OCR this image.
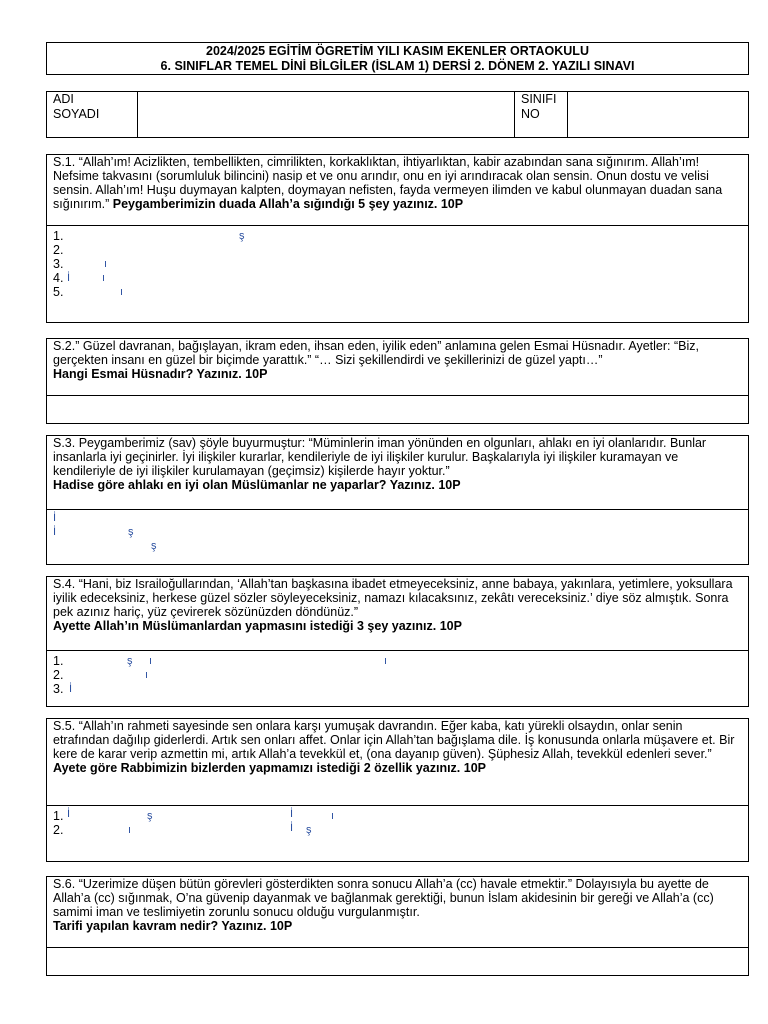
2024/2025 EGİTİM ÖGRETİM YILI KASIM EKENLER ORTAOKULU
6. SINIFLAR TEMEL DİNİ BİLGİLER (İSLAM 1) DERSİ 2. DÖNEM 2. YAZILI SINAVI
ADI
SOYADI
SINIFI
NO
S.1. “Allah’ım! Acizlikten, tembellikten, cimrilikten, korkaklıktan, ihtiyarlıktan, kabir azabından sana sığınırım. Allah’ım! Nefsime takvasını (sorumluluk bilincini) nasip et ve onu arındır, onu en iyi arındıracak olan sensin. Onun dostu ve velisi sensin. Allah’ım! Huşu duymayan kalpten, doymayan nefisten, fayda vermeyen ilimden ve kabul olunmayan duadan sana sığınırım.” Peygamberimizin duada Allah’a sığındığı 5 şey yazınız. 10P
1.
2.
3.
4.
5.
ş
ı
İ	ı
ı
S.2.” Güzel davranan, bağışlayan, ikram eden, ihsan eden, iyilik eden” anlamına gelen Esmai Hüsnadır. Ayetler: “Biz, gerçekten insanı en güzel bir biçimde yarattık.” “… Sizi şekillendirdi ve şekillerinizi de güzel yaptı…”
Hangi Esmai Hüsnadır? Yazınız. 10P
S.3. Peygamberimiz (sav) şöyle buyurmuştur: “Müminlerin iman yönünden en olgunları, ahlakı en iyi olanlarıdır. Bunlar insanlarla iyi geçinirler. İyi ilişkiler kurarlar, kendileriyle de iyi ilişkiler kurulur. Başkalarıyla iyi ilişkiler kuramayan ve kendileriyle de iyi ilişkiler kurulamayan (geçimsiz) kişilerde hayır yoktur.”
Hadise göre ahlakı en iyi olan Müslümanlar ne yaparlar? Yazınız. 10P
İ
İ	ş
ş
S.4. “Hani, biz Israiloğullarından, ‘Allah’tan başkasına ibadet etmeyeceksiniz, anne babaya, yakınlara, yetimlere, yoksullara iyilik edeceksiniz, herkese güzel sözler söyleyeceksiniz, namazı kılacaksınız, zekâtı vereceksiniz.’ diye söz almıştık. Sonra pek azınız hariç, yüz çevirerek sözünüzden döndünüz.”
Ayette Allah’ın Müslümanlardan yapmasını istediği 3 şey yazınız. 10P
1.
2.
3.
ş ı	ı
ı
İ
S.5. “Allah’ın rahmeti sayesinde sen onlara karşı yumuşak davrandın. Eğer kaba, katı yürekli olsaydın, onlar senin etrafından dağılıp giderlerdi. Artık sen onları affet. Onlar için Allah’tan bağışlama dile. İş konusunda onlarla müşavere et. Bir kere de karar verip azmettin mi, artık Allah’a tevekkül et, (ona dayanıp güven). Şüphesiz Allah, tevekkül edenleri sever.”
Ayete göre Rabbimizin bizlerden yapmamızı istediği 2 özellik yazınız. 10P
1.
2.
İ	ş	İ	ı
ı	İ ş
S.6. “Uzerimize düşen bütün görevleri gösterdikten sonra sonucu Allah’a (cc) havale etmektir.” Dolayısıyla bu ayette de Allah’a (cc) sığınmak, O’na güvenip dayanmak ve bağlanmak gerektiği, bunun İslam akidesinin bir gereği ve Allah’a (cc) samimi iman ve teslimiyetin zorunlu sonucu olduğu vurgulanmıştır.
Tarifi yapılan kavram nedir? Yazınız. 10P
